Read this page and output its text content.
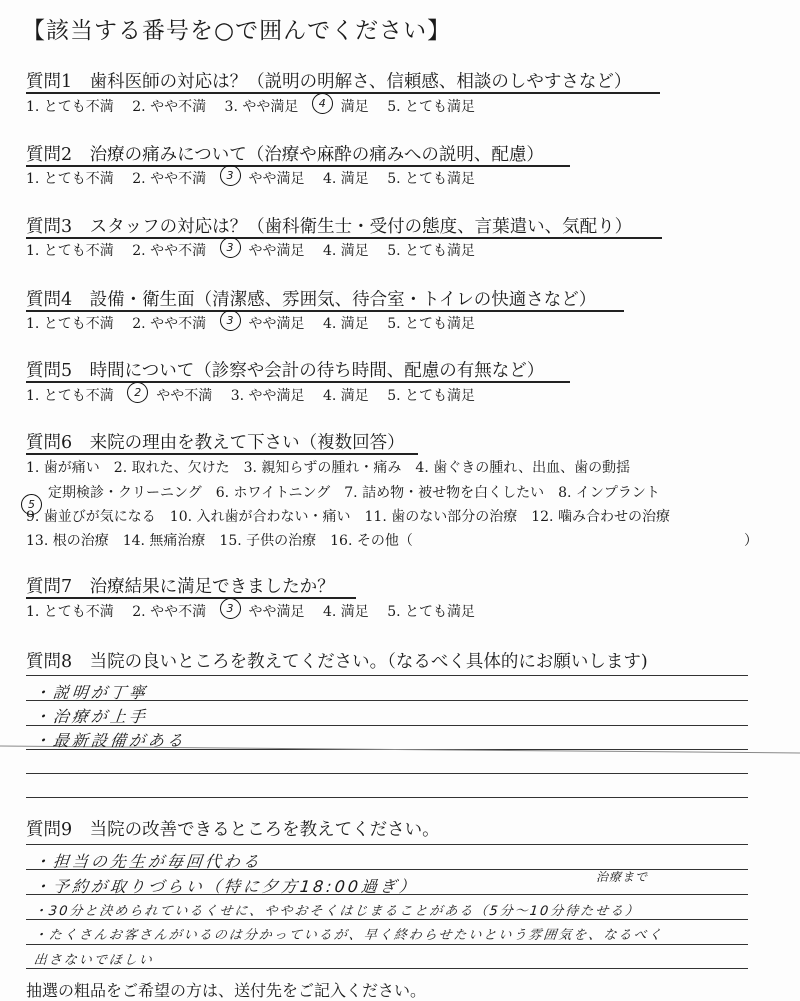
【該当する番号を○で囲んでください】
質問1　歯科医師の対応は？（説明の明解さ、信頼感、相談のしやすさなど）
1. とても不満 2. やや不満 3. やや満足	4	満足 5. とても満足
質問2　治療の痛みについて（治療や麻酔の痛みへの説明、配慮）
1. とても不満 2. やや不満	3	やや満足 4. 満足 5. とても満足
質問3　スタッフの対応は？（歯科衛生士・受付の態度、言葉遣い、気配り）
1. とても不満 2. やや不満	3	やや満足 4. 満足 5. とても満足
質問4　設備・衛生面（清潔感、雰囲気、待合室・トイレの快適さなど）
1. とても不満 2. やや不満	3	やや満足 4. 満足 5. とても満足
質問5　時間について（診察や会計の待ち時間、配慮の有無など）
1. とても不満	2	やや不満 3. やや満足 4. 満足 5. とても満足
質問6　来院の理由を教えて下さい（複数回答）
1. 歯が痛い　2. 取れた、欠けた　3. 親知らずの腫れ・痛み　4. 歯ぐきの腫れ、出血、歯の動揺
5
定期検診・クリーニング　6. ホワイトニング　7. 詰め物・被せ物を白くしたい　8. インプラント
9. 歯並びが気になる　10. 入れ歯が合わない・痛い　11. 歯のない部分の治療　12. 噛み合わせの治療
13. 根の治療　14. 無痛治療　15. 子供の治療　16. その他（	）
質問7　治療結果に満足できましたか？
1. とても不満 2. やや不満	3	やや満足 4. 満足 5. とても満足
質問8　当院の良いところを教えてください。（なるべく具体的にお願いします)
・説明が丁寧
・治療が上手
・最新設備がある
質問9　当院の改善できるところを教えてください。
・担当の先生が毎回代わる
・予約が取りづらい（特に夕方18:00過ぎ）	治療まで
・30分と決められているくせに、ややおそくはじまることがある（5分〜10分待たせる）
・たくさんお客さんがいるのは分かっているが、早く終わらせたいという雰囲気を、なるべく
出さないでほしい
抽選の粗品をご希望の方は、送付先をご記入ください。
